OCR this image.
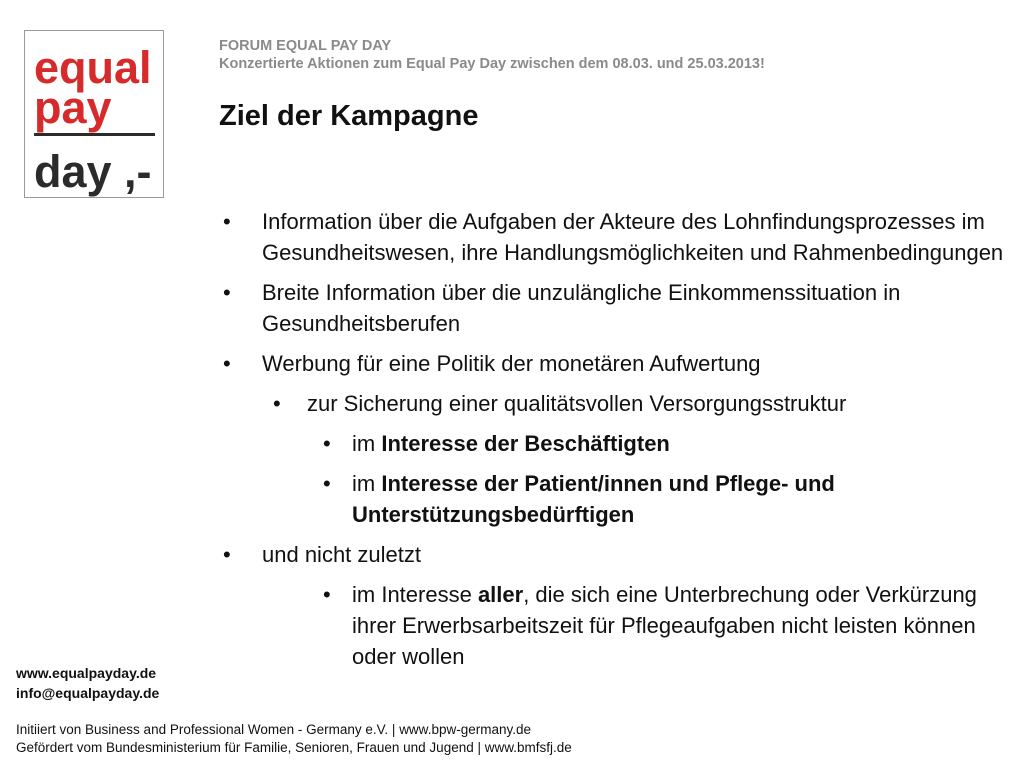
equal
pay
day ,-
FORUM EQUAL PAY DAY
Konzertierte Aktionen zum Equal Pay Day zwischen dem 08.03. und 25.03.2013!
Ziel der Kampagne
• Information über die Aufgaben der Akteure des Lohnfindungsprozesses im Gesundheitswesen, ihre Handlungsmöglichkeiten und Rahmenbedingungen
• Breite Information über die unzulängliche Einkommenssituation in Gesundheitsberufen
• Werbung für eine Politik der monetären Aufwertung
• zur Sicherung einer qualitätsvollen Versorgungsstruktur
• im Interesse der Beschäftigten
• im Interesse der Patient/innen und Pflege- und Unterstützungsbedürftigen
• und nicht zuletzt
• im Interesse aller, die sich eine Unterbrechung oder Verkürzung ihrer Erwerbsarbeitszeit für Pflegeaufgaben nicht leisten können oder wollen
www.equalpayday.de
info@equalpayday.de
Initiiert von Business and Professional Women - Germany e.V. | www.bpw-germany.de
Gefördert vom Bundesministerium für Familie, Senioren, Frauen und Jugend | www.bmfsfj.de
